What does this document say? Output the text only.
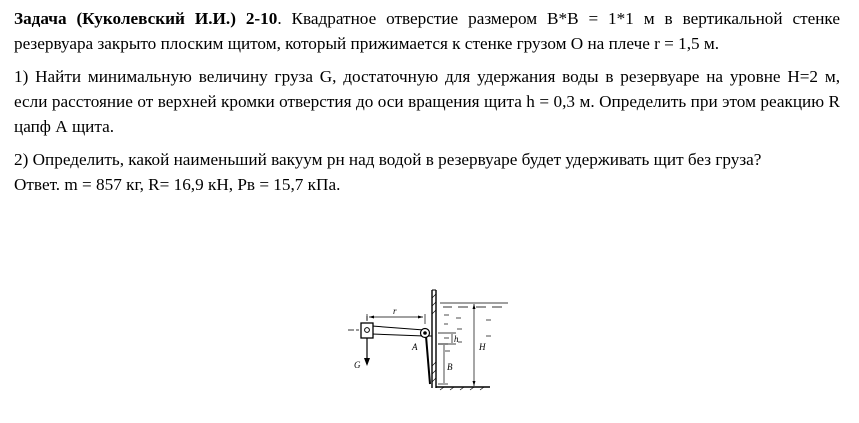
Задача (Куколевский И.И.) 2-10. Квадратное отверстие размером В*В = 1*1 м в вертикальной стенке резервуара закрыто плоским щитом, который прижимается к стенке грузом О на плече r = 1,5 м.

1) Найти минимальную величину груза G, достаточную для удержания воды в резервуаре на уровне Н=2 м, если расстояние от верхней кромки отверстия до оси вращения щита h = 0,3 м. Определить при этом реакцию R цапф А щита.

2) Определить, какой наименьший вакуум pн над водой в резервуаре будет удерживать щит без груза?

Ответ. m = 857 кг, R= 16,9 кН, Рв = 15,7 кПа.

r
G
A
h
H
B
